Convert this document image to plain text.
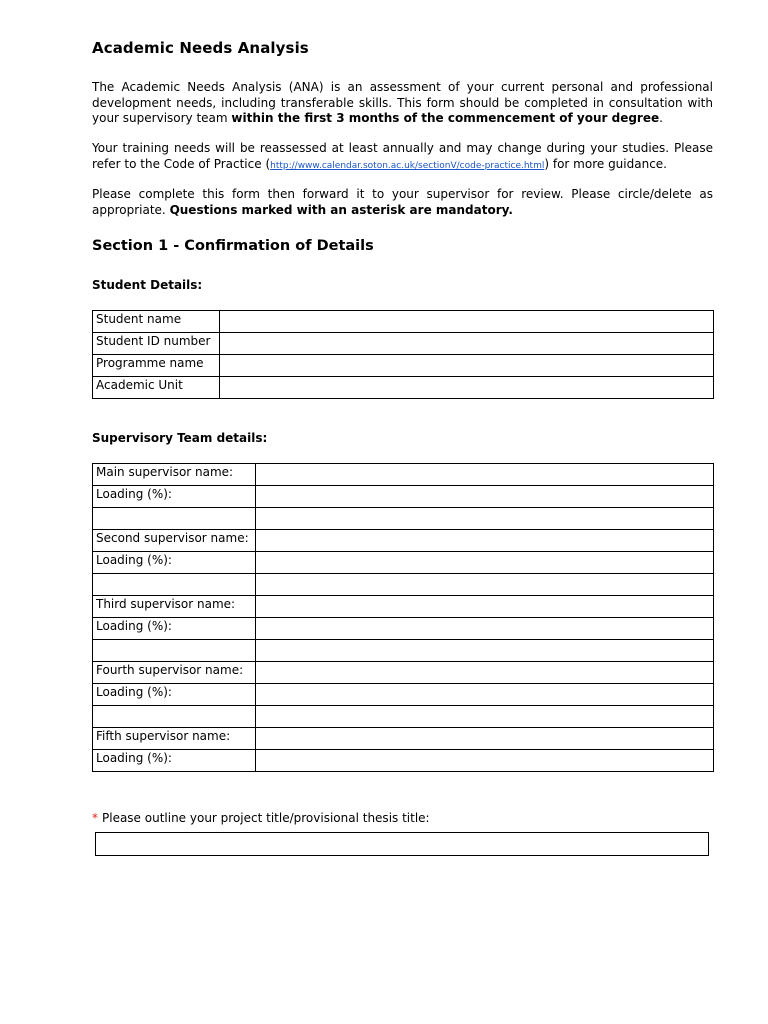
Academic Needs Analysis

The Academic Needs Analysis (ANA) is an assessment of your current personal and professional development needs, including transferable skills. This form should be completed in consultation with your supervisory team within the first 3 months of the commencement of your degree.

Your training needs will be reassessed at least annually and may change during your studies. Please refer to the Code of Practice (http://www.calendar.soton.ac.uk/sectionV/code-practice.html) for more guidance.

Please complete this form then forward it to your supervisor for review. Please circle/delete as appropriate. Questions marked with an asterisk are mandatory.

Section 1 - Confirmation of Details

Student Details:

Student name	
Student ID number	
Programme name	
Academic Unit	

Supervisory Team details:

Main supervisor name:	
Loading (%):	

Second supervisor name:	
Loading (%):	

Third supervisor name:	
Loading (%):	

Fourth supervisor name:	
Loading (%):	

Fifth supervisor name:	
Loading (%):	

* Please outline your project title/provisional thesis title:
